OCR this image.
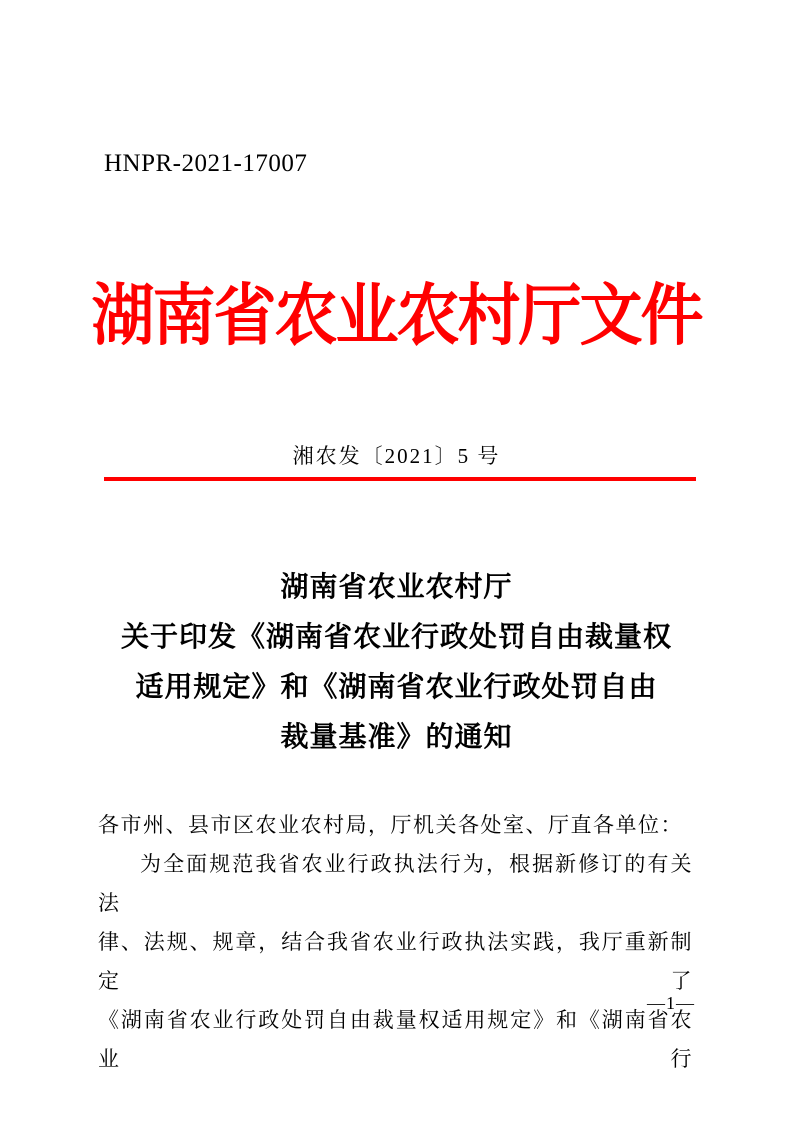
HNPR-2021-17007
湖南省农业农村厅文件
湘农发〔2021〕5 号
湖南省农业农村厅
关于印发《湖南省农业行政处罚自由裁量权
适用规定》和《湖南省农业行政处罚自由
裁量基准》的通知
各市州、县市区农业农村局，厅机关各处室、厅直各单位：
为全面规范我省农业行政执法行为，根据新修订的有关法
律、法规、规章，结合我省农业行政执法实践，我厅重新制定了
《湖南省农业行政处罚自由裁量权适用规定》和《湖南省农业行
—1—
